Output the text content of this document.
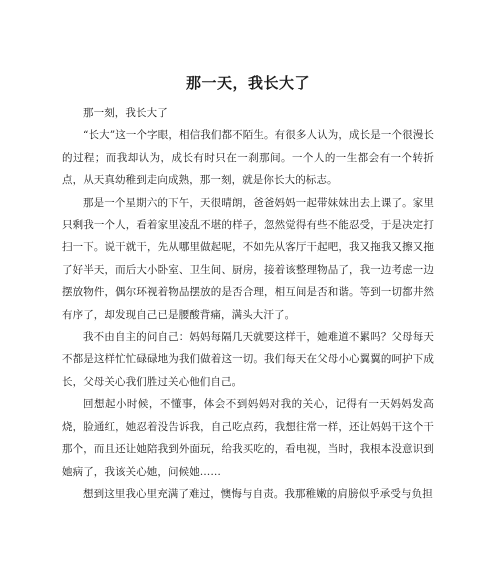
那一天，我长大了

那一刻，我长大了

“长大”这一个字眼，相信我们都不陌生。有很多人认为，成长是一个很漫长的过程；而我却认为，成长有时只在一刹那间。一个人的一生都会有一个转折点，从天真幼稚到走向成熟，那一刻，就是你长大的标志。

那是一个星期六的下午，天很晴朗，爸爸妈妈一起带妹妹出去上课了。家里只剩我一个人，看着家里凌乱不堪的样子，忽然觉得有些不能忍受，于是决定打扫一下。说干就干，先从哪里做起呢，不如先从客厅干起吧，我又拖我又擦又拖了好半天，而后大小卧室、卫生间、厨房，接着该整理物品了，我一边考虑一边摆放物件，偶尔环视着物品摆放的是否合理，相互间是否和谐。等到一切都井然有序了，却发现自己已是腰酸背痛，满头大汗了。

我不由自主的问自己：妈妈每隔几天就要这样干，她难道不累吗？父母每天不都是这样忙忙碌碌地为我们做着这一切。我们每天在父母小心翼翼的呵护下成长，父母关心我们胜过关心他们自己。

回想起小时候，不懂事，体会不到妈妈对我的关心，记得有一天妈妈发高烧，脸通红，她忍着没告诉我，自己吃点药，我想往常一样，还让妈妈干这个干那个，而且还让她陪我到外面玩，给我买吃的，看电视，当时，我根本没意识到她病了，我该关心她，问候她……

想到这里我心里充满了难过，懊悔与自责。我那稚嫩的肩膀似乎承受与负担
